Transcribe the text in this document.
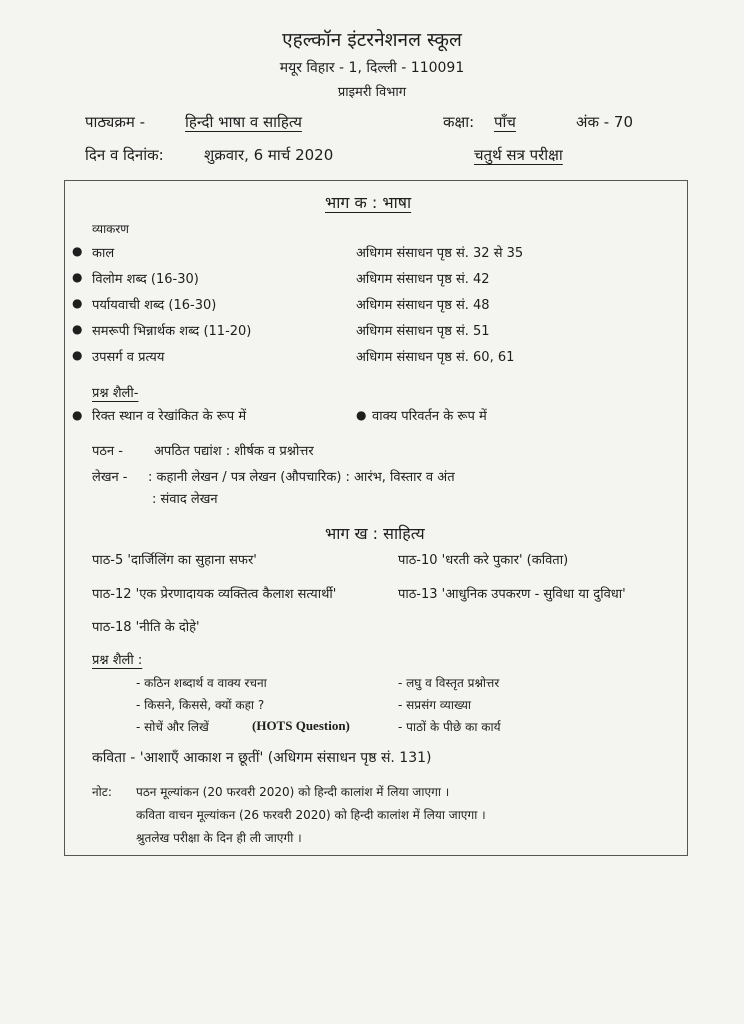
एहल्कॉन इंटरनेशनल स्कूल
मयूर विहार - 1, दिल्ली - 110091
प्राइमरी विभाग
पाठ्यक्रम -	हिन्दी भाषा व साहित्य	कक्षा: पाँच	अंक - 70
दिन व दिनांक:	शुक्रवार, 6 मार्च 2020	चतुर्थ सत्र परीक्षा
भाग क : भाषा
व्याकरण
● काल	अधिगम संसाधन पृष्ठ सं. 32 से 35
● विलोम शब्द (16-30)	अधिगम संसाधन पृष्ठ सं. 42
● पर्यायवाची शब्द (16-30)	अधिगम संसाधन पृष्ठ सं. 48
● समरूपी भिन्नार्थक शब्द (11-20)	अधिगम संसाधन पृष्ठ सं. 51
● उपसर्ग व प्रत्यय	अधिगम संसाधन पृष्ठ सं. 60, 61
प्रश्न शैली-
● रिक्त स्थान व रेखांकित के रूप में	● वाक्य परिवर्तन के रूप में
पठन - अपठित पद्यांश : शीर्षक व प्रश्नोत्तर
लेखन - : कहानी लेखन / पत्र लेखन (औपचारिक) : आरंभ, विस्तार व अंत
: संवाद लेखन
भाग ख : साहित्य
पाठ-5 'दार्जिलिंग का सुहाना सफर'	पाठ-10 'धरती करे पुकार' (कविता)
पाठ-12 'एक प्रेरणादायक व्यक्तित्व कैलाश सत्यार्थी'	पाठ-13 'आधुनिक उपकरण - सुविधा या दुविधा'
पाठ-18 'नीति के दोहे'
प्रश्न शैली :
- कठिन शब्दार्थ व वाक्य रचना	- लघु व विस्तृत प्रश्नोत्तर
- किसने, किससे, क्यों कहा ?	- सप्रसंग व्याख्या
- सोचें और लिखें	(HOTS Question)	- पाठों के पीछे का कार्य
कविता - 'आशाएँ आकाश न छूतीं' (अधिगम संसाधन पृष्ठ सं. 131)
नोट: पठन मूल्यांकन (20 फरवरी 2020) को हिन्दी कालांश में लिया जाएगा ।
कविता वाचन मूल्यांकन (26 फरवरी 2020) को हिन्दी कालांश में लिया जाएगा ।
श्रुतलेख परीक्षा के दिन ही ली जाएगी ।
